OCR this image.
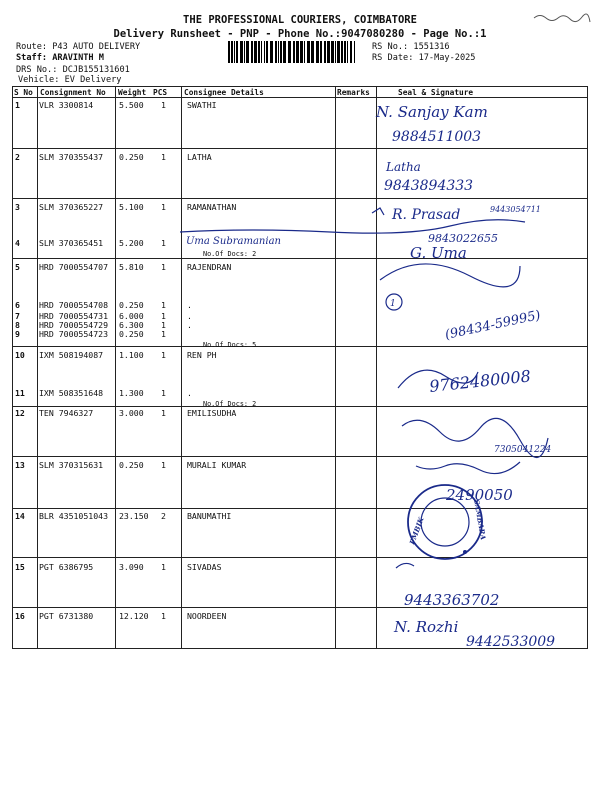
THE PROFESSIONAL COURIERS, COIMBATORE
Delivery Runsheet - PNP - Phone No.:9047080280 - Page No.:1
Route: P43 AUTO DELIVERY
Staff: ARAVINTH M
DRS No.: DCJB155131601
Vehicle: EV Delivery
RS No.: 1551316
RS Date: 17-May-2025
S No Consignment No Weight PCS Consignee Details	Remarks	Seal & Signature
1 VLR 3300814	5.500 1	SWATHI
2 SLM 370355437 0.250 1	LATHA
3 SLM 370365227 5.100 1	RAMANATHAN
4 SLM 370365451 5.200 1
No.Of Docs: 2
5 HRD 7000554707 5.810 1	RAJENDRAN
6 HRD 7000554708 0.250 1	.
7 HRD 7000554731 6.000 1	.
8 HRD 7000554729 6.300 1	.
9 HRD 7000554723 0.250 1
No.Of Docs: 5
10 IXM 508194087 1.100 1	REN PH
11 IXM 508351648 1.300 1	.
No.Of Docs: 2
12 TEN 7946327	3.000 1	EMILISUDHA
13 SLM 370315631 0.250 1	MURALI KUMAR
14 BLR 4351051043 23.150 2	BANUMATHI
15 PGT 6386795	3.090 1	SIVADAS
16 PGT 6731380	12.120 1	NOORDEEN
1
PMBJK	SAMBARA
N. Sanjay Kam
9884511003
Latha
9843894333
R. Prasad	9443054711
Uma Subramanian	9843022655
G. Uma
(98434-59995)
9762480008
7305041224
2490050
9443363702
N. Rozhi
9442533009
